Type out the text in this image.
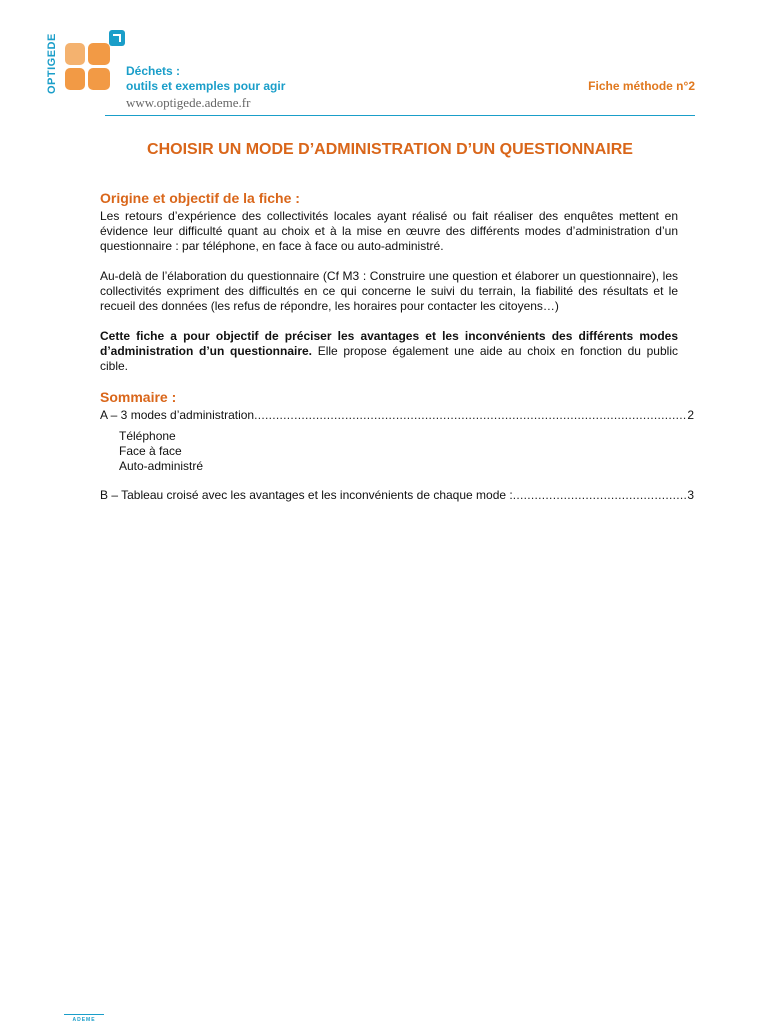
OPTIGEDE	Déchets :
outils et exemples pour agir
www.optigede.ademe.fr
Fiche méthode n°2
CHOISIR UN MODE D’ADMINISTRATION D’UN QUESTIONNAIRE
Origine et objectif de la fiche :

Les retours d’expérience des collectivités locales ayant réalisé ou fait réaliser des enquêtes mettent en évidence leur difficulté quant au choix et à la mise en œuvre des différents modes d’administration d’un questionnaire : par téléphone, en face à face ou auto-administré.

Au-delà de l’élaboration du questionnaire (Cf M3 : Construire une question et élaborer un questionnaire), les collectivités expriment des difficultés en ce qui concerne le suivi du terrain, la fiabilité des résultats et le recueil des données (les refus de répondre, les horaires pour contacter les citoyens…)

Cette fiche a pour objectif de préciser les avantages et les inconvénients des différents modes d’administration d’un questionnaire. Elle propose également une aide au choix en fonction du public cible.

Sommaire :
A – 3 modes d’administration .....	2
Téléphone
Face à face
Auto-administré
B – Tableau croisé avec les avantages et les inconvénients de chaque mode : .....	3
ADEME
